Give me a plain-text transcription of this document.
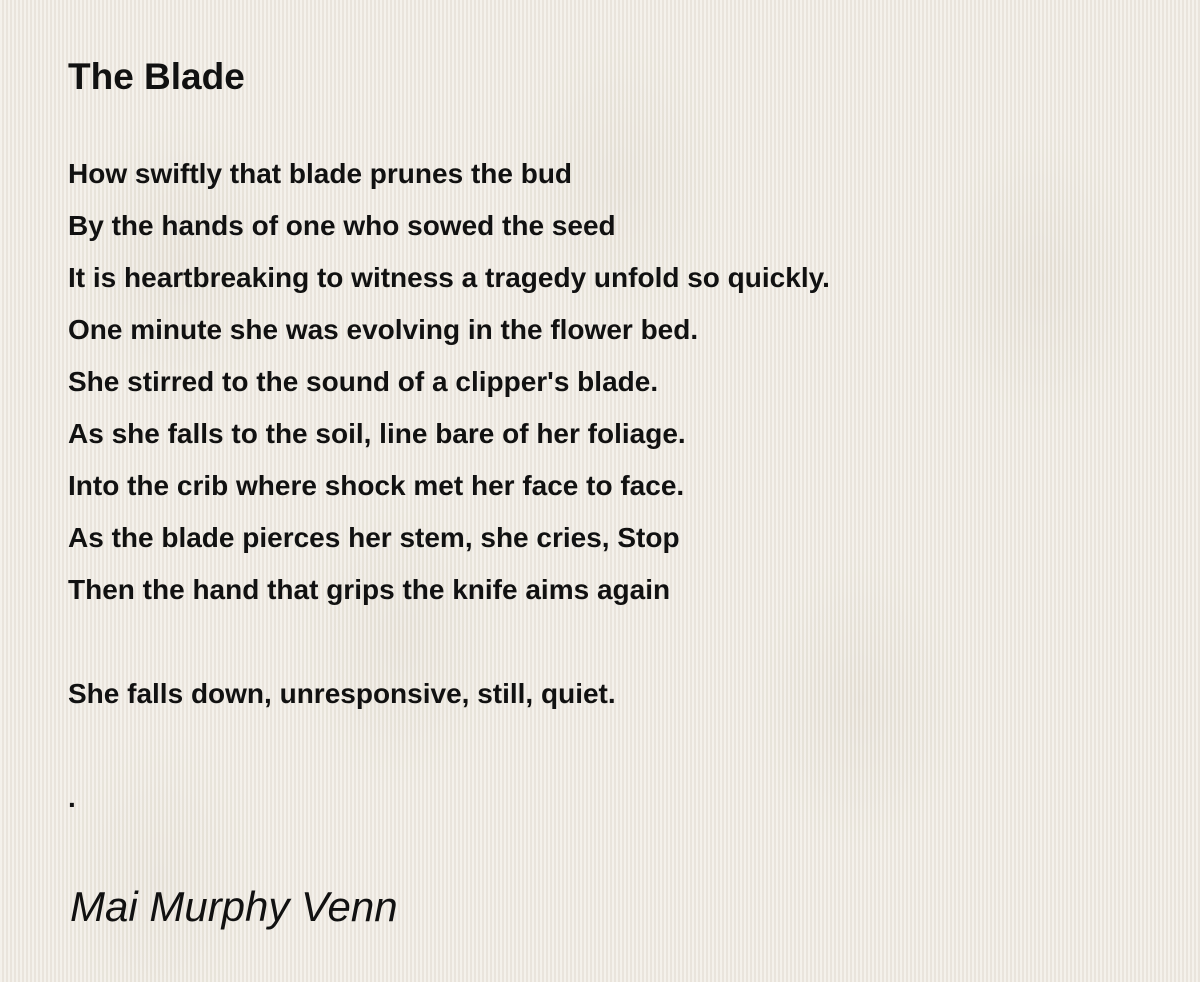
The Blade
How swiftly that blade prunes the bud
By the hands of one who sowed the seed
It is heartbreaking to witness a tragedy unfold so quickly.
One minute she was evolving in the flower bed.
She stirred to the sound of a clipper's blade.
As she falls to the soil, line bare of her foliage.
Into the crib where shock met her face to face.
As the blade pierces her stem, she cries, Stop
Then the hand that grips the knife aims again
She falls down, unresponsive, still, quiet.
.
Mai Murphy Venn
